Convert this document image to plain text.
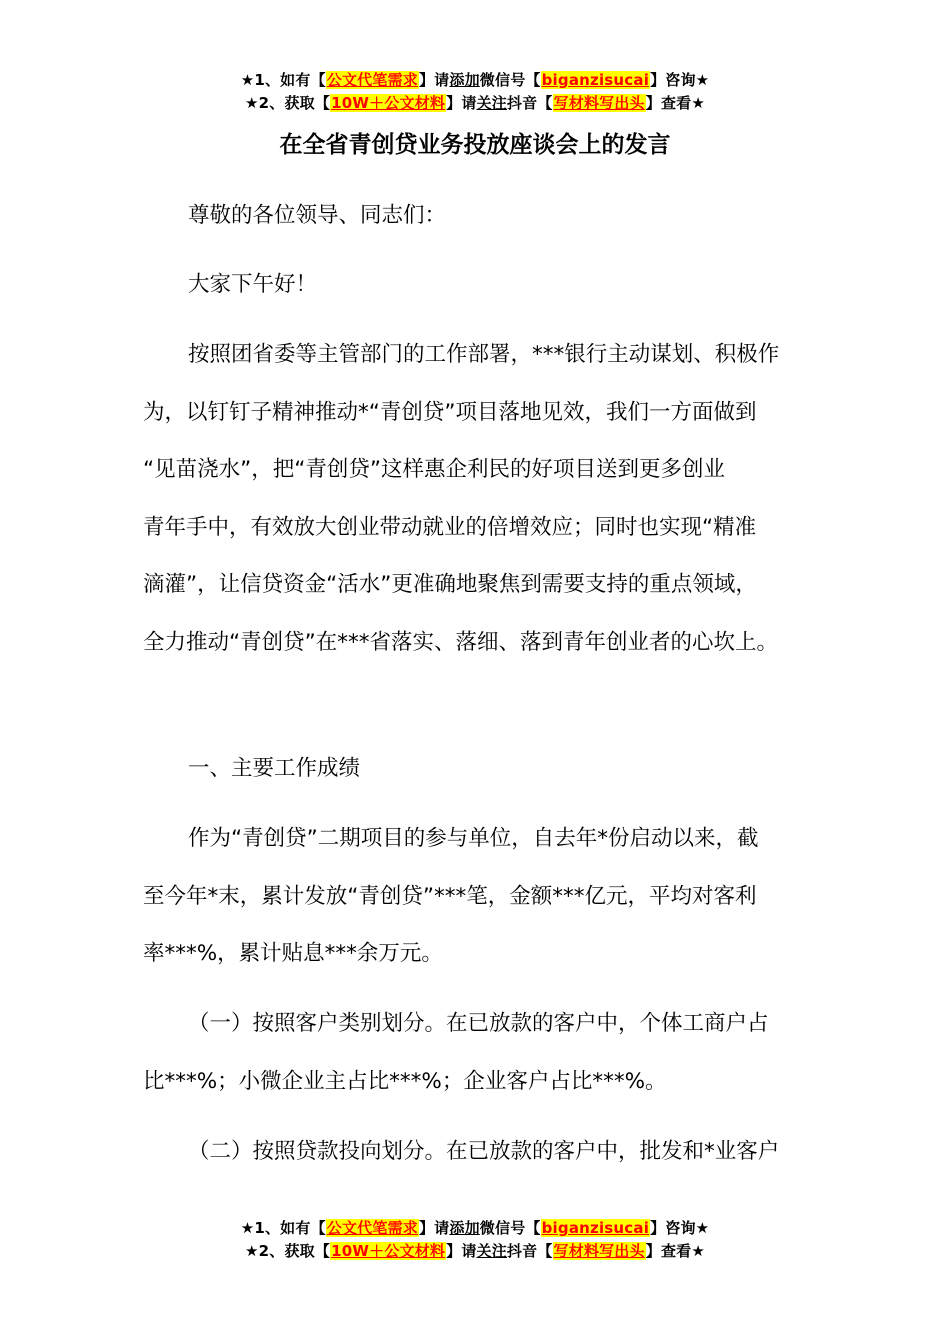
★1、如有【公文代笔需求】请添加微信号【biganzisucai】咨询★
★2、获取【10W＋公文材料】请关注抖音【写材料写出头】查看★
在全省青创贷业务投放座谈会上的发言

尊敬的各位领导、同志们：

大家下午好！

按照团省委等主管部门的工作部署，***银行主动谋划、积极作
为，以钉钉子精神推动*“青创贷”项目落地见效，我们一方面做到
“见苗浇水”，把“青创贷”这样惠企利民的好项目送到更多创业
青年手中，有效放大创业带动就业的倍增效应；同时也实现“精准
滴灌”，让信贷资金“活水”更准确地聚焦到需要支持的重点领域，
全力推动“青创贷”在***省落实、落细、落到青年创业者的心坎上。

一、主要工作成绩

作为“青创贷”二期项目的参与单位，自去年*份启动以来，截
至今年*末，累计发放“青创贷”***笔，金额***亿元，平均对客利
率***%，累计贴息***余万元。

（一）按照客户类别划分。在已放款的客户中，个体工商户占
比***%；小微企业主占比***%；企业客户占比***%。

（二）按照贷款投向划分。在已放款的客户中，批发和*业客户

★1、如有【公文代笔需求】请添加微信号【biganzisucai】咨询★
★2、获取【10W＋公文材料】请关注抖音【写材料写出头】查看★
